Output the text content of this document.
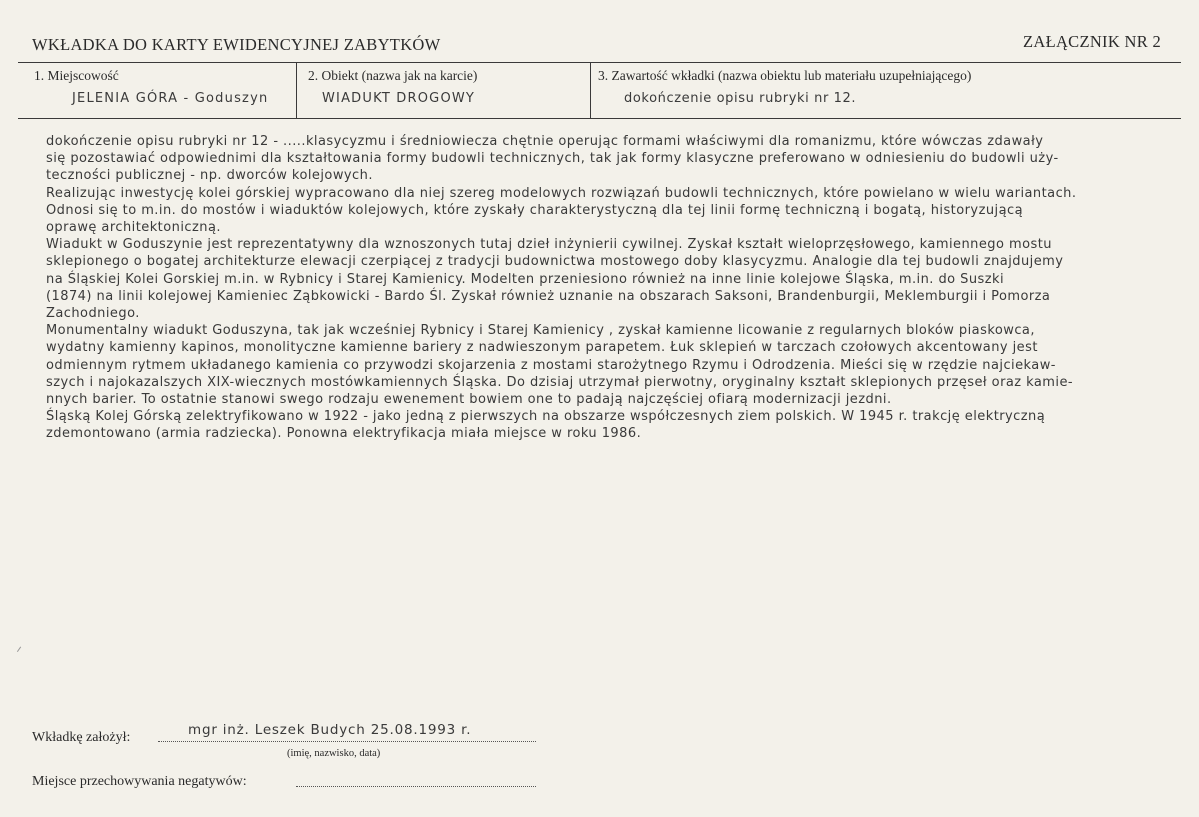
WKŁADKA DO KARTY EWIDENCYJNEJ ZABYTKÓW	ZAŁĄCZNIK NR 2
1. Miejscowość
JELENIA GÓRA - Goduszyn
2. Obiekt (nazwa jak na karcie)
WIADUKT DROGOWY
3. Zawartość wkładki (nazwa obiektu lub materiału uzupełniającego)
dokończenie opisu rubryki nr 12.

dokończenie opisu rubryki nr 12 - .....klasycyzmu i średniowiecza chętnie operując formami właściwymi dla romanizmu, które wówczas zdawały
się pozostawiać odpowiednimi dla kształtowania formy budowli technicznych, tak jak formy klasyczne preferowano w odniesieniu do budowli uży-
teczności publicznej - np. dworców kolejowych.

Realizując inwestycję kolei górskiej wypracowano dla niej szereg modelowych rozwiązań budowli technicznych, które powielano w wielu wariantach.
Odnosi się to m.in. do mostów i wiaduktów kolejowych, które zyskały charakterystyczną dla tej linii formę techniczną i bogatą, historyzującą
oprawę architektoniczną.

Wiadukt w Goduszynie jest reprezentatywny dla wznoszonych tutaj dzieł inżynierii cywilnej. Zyskał kształt wieloprzęsłowego, kamiennego mostu
sklepionego o bogatej architekturze elewacji czerpiącej z tradycji budownictwa mostowego doby klasycyzmu. Analogie dla tej budowli znajdujemy
na Śląskiej Kolei Gorskiej m.in. w Rybnicy i Starej Kamienicy. Modelten przeniesiono również na inne linie kolejowe Śląska, m.in. do Suszki
(1874) na linii kolejowej Kamieniec Ząbkowicki - Bardo Śl. Zyskał również uznanie na obszarach Saksoni, Brandenburgii, Meklemburgii i Pomorza
Zachodniego.

Monumentalny wiadukt Goduszyna, tak jak wcześniej Rybnicy i Starej Kamienicy , zyskał kamienne licowanie z regularnych bloków piaskowca,
wydatny kamienny kapinos, monolityczne kamienne bariery z nadwieszonym parapetem. Łuk sklepień w tarczach czołowych akcentowany jest
odmiennym rytmem układanego kamienia co przywodzi skojarzenia z mostami starożytnego Rzymu i Odrodzenia. Mieści się w rzędzie najciekaw-
szych i najokazalszych XIX-wiecznych mostówkamiennych Śląska. Do dzisiaj utrzymał pierwotny, oryginalny kształt sklepionych przęseł oraz kamie-
nnych barier. To ostatnie stanowi swego rodzaju ewenement bowiem one to padają najczęściej ofiarą modernizacji jezdni.

Śląską Kolej Górską zelektryfikowano w 1922 - jako jedną z pierwszych na obszarze współczesnych ziem polskich. W 1945 r. trakcję elektryczną
zdemontowano (armia radziecka). Ponowna elektryfikacja miała miejsce w roku 1986.

Wkładkę założył:	mgr inż. Leszek Budych 25.08.1993 r.
(imię, nazwisko, data)
Miejsce przechowywania negatywów:
